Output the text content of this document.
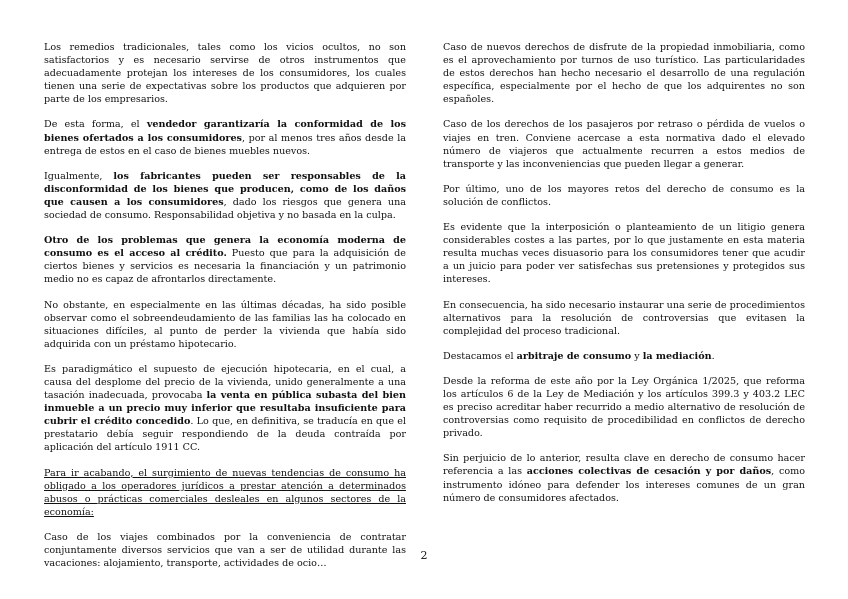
Los remedios tradicionales, tales como los vicios ocultos, no son satisfactorios y es necesario servirse de otros instrumentos que adecuadamente protejan los intereses de los consumidores, los cuales tienen una serie de expectativas sobre los productos que adquieren por parte de los empresarios.

De esta forma, el vendedor garantizaría la conformidad de los bienes ofertados a los consumidores, por al menos tres años desde la entrega de estos en el caso de bienes muebles nuevos.

Igualmente, los fabricantes pueden ser responsables de la disconformidad de los bienes que producen, como de los daños que causen a los consumidores, dado los riesgos que genera una sociedad de consumo. Responsabilidad objetiva y no basada en la culpa.

Otro de los problemas que genera la economía moderna de consumo es el acceso al crédito. Puesto que para la adquisición de ciertos bienes y servicios es necesaria la financiación y un patrimonio medio no es capaz de afrontarlos directamente.

No obstante, en especialmente en las últimas décadas, ha sido posible observar como el sobreendeudamiento de las familias las ha colocado en situaciones difíciles, al punto de perder la vivienda que había sido adquirida con un préstamo hipotecario.

Es paradigmático el supuesto de ejecución hipotecaria, en el cual, a causa del desplome del precio de la vivienda, unido generalmente a una tasación inadecuada, provocaba la venta en pública subasta del bien inmueble a un precio muy inferior que resultaba insuficiente para cubrir el crédito concedido. Lo que, en definitiva, se traducía en que el prestatario debía seguir respondiendo de la deuda contraída por aplicación del artículo 1911 CC.

Para ir acabando, el surgimiento de nuevas tendencias de consumo ha obligado a los operadores jurídicos a prestar atención a determinados abusos o prácticas comerciales desleales en algunos sectores de la economía:

Caso de los viajes combinados por la conveniencia de contratar conjuntamente diversos servicios que van a ser de utilidad durante las vacaciones: alojamiento, transporte, actividades de ocio…

Caso de nuevos derechos de disfrute de la propiedad inmobiliaria, como es el aprovechamiento por turnos de uso turístico. Las particularidades de estos derechos han hecho necesario el desarrollo de una regulación específica, especialmente por el hecho de que los adquirentes no son españoles.

Caso de los derechos de los pasajeros por retraso o pérdida de vuelos o viajes en tren. Conviene acercase a esta normativa dado el elevado número de viajeros que actualmente recurren a estos medios de transporte y las inconveniencias que pueden llegar a generar.

Por último, uno de los mayores retos del derecho de consumo es la solución de conflictos.

Es evidente que la interposición o planteamiento de un litigio genera considerables costes a las partes, por lo que justamente en esta materia resulta muchas veces disuasorio para los consumidores tener que acudir a un juicio para poder ver satisfechas sus pretensiones y protegidos sus intereses.

En consecuencia, ha sido necesario instaurar una serie de procedimientos alternativos para la resolución de controversias que evitasen la complejidad del proceso tradicional.

Destacamos el arbitraje de consumo y la mediación.

Desde la reforma de este año por la Ley Orgánica 1/2025, que reforma los artículos 6 de la Ley de Mediación y los artículos 399.3 y 403.2 LEC es preciso acreditar haber recurrido a medio alternativo de resolución de controversias como requisito de procedibilidad en conflictos de derecho privado.

Sin perjuicio de lo anterior, resulta clave en derecho de consumo hacer referencia a las acciones colectivas de cesación y por daños, como instrumento idóneo para defender los intereses comunes de un gran número de consumidores afectados.

2
